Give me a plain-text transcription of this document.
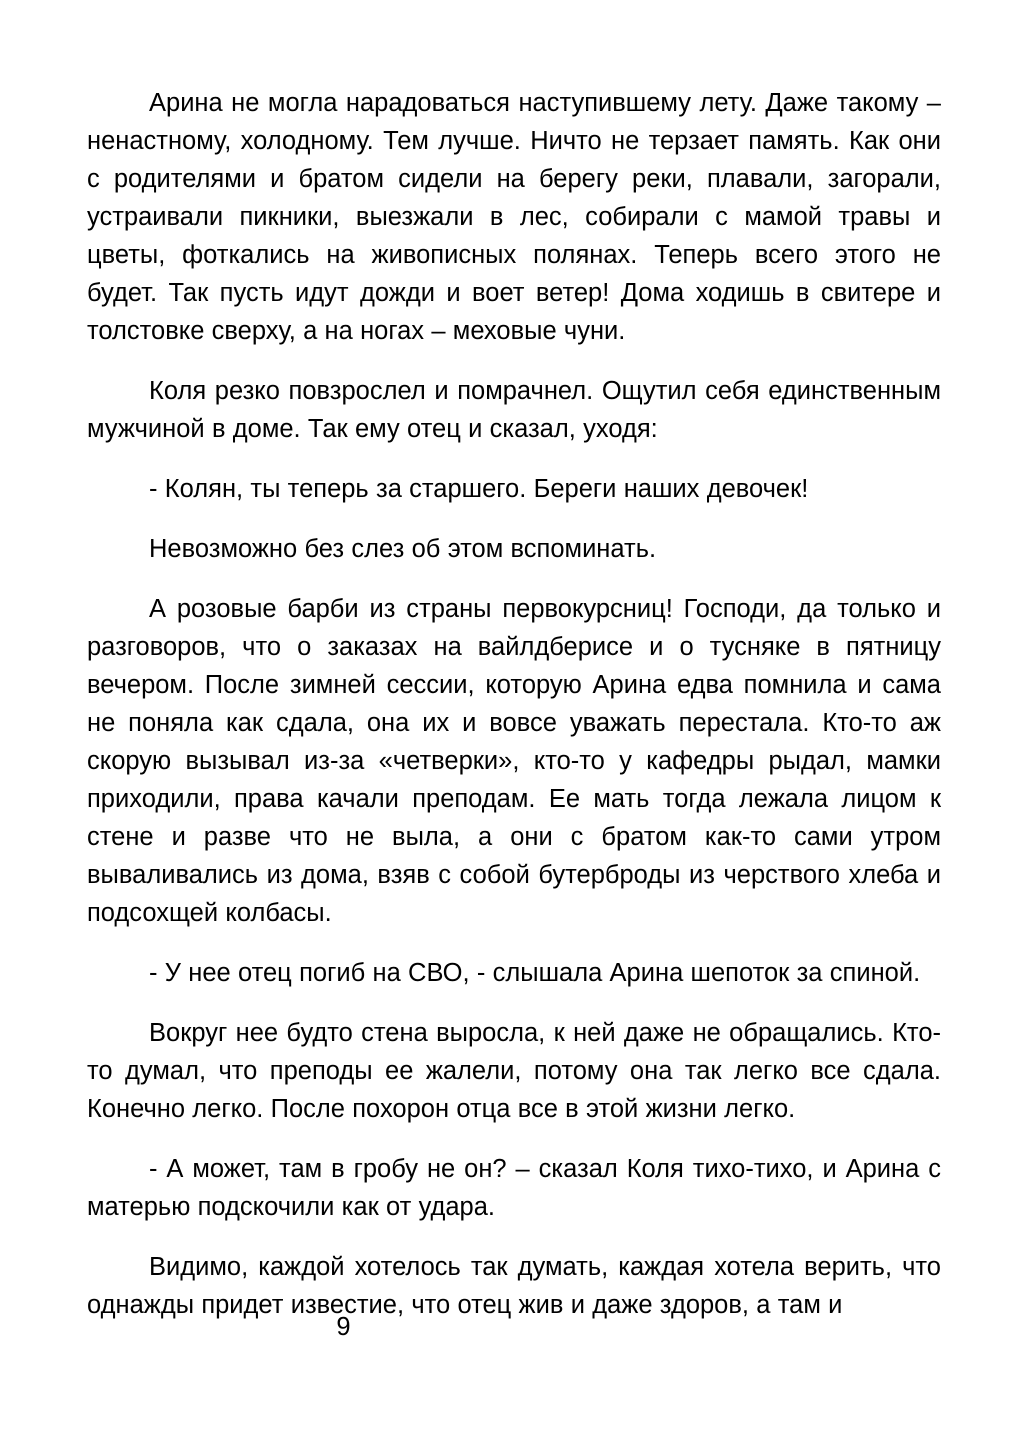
Арина не могла нарадоваться наступившему лету. Даже такому – ненастному, холодному. Тем лучше. Ничто не терзает память. Как они с родителями и братом сидели на берегу реки, плавали, загорали, устраивали пикники, выезжали в лес, собирали с мамой травы и цветы, фоткались на живописных полянах. Теперь всего этого не будет. Так пусть идут дожди и воет ветер! Дома ходишь в свитере и толстовке сверху, а на ногах – меховые чуни.

Коля резко повзрослел и помрачнел. Ощутил себя единственным мужчиной в доме. Так ему отец и сказал, уходя:

- Колян, ты теперь за старшего. Береги наших девочек!

Невозможно без слез об этом вспоминать.

А розовые барби из страны первокурсниц! Господи, да только и разговоров, что о заказах на вайлдберисе и о тусняке в пятницу вечером. После зимней сессии, которую Арина едва помнила и сама не поняла как сдала, она их и вовсе уважать перестала. Кто-то аж скорую вызывал из-за «четверки», кто-то у кафедры рыдал, мамки приходили, права качали преподам. Ее мать тогда лежала лицом к стене и разве что не выла, а они с братом как-то сами утром вываливались из дома, взяв с собой бутерброды из черствого хлеба и подсохщей колбасы.

- У нее отец погиб на СВО, - слышала Арина шепоток за спиной.

Вокруг нее будто стена выросла, к ней даже не обращались. Кто-то думал, что преподы ее жалели, потому она так легко все сдала. Конечно легко. После похорон отца все в этой жизни легко.

- А может, там в гробу не он? – сказал Коля тихо-тихо, и Арина с матерью подскочили как от удара.

Видимо, каждой хотелось так думать, каждая хотела верить, что однажды придет известие, что отец жив и даже здоров, а там и

9
